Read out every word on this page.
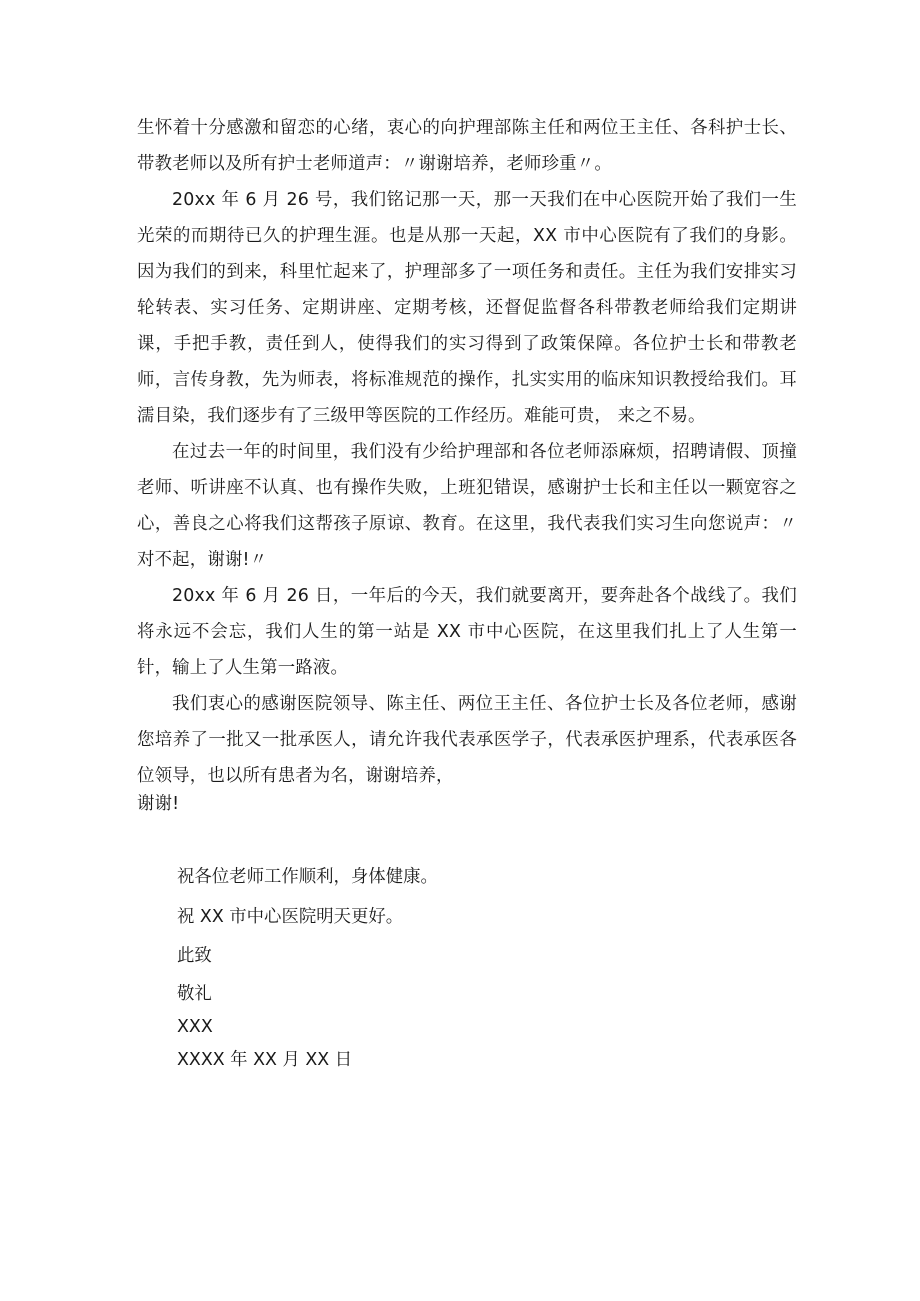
生怀着十分感激和留恋的心绪，衷心的向护理部陈主任和两位王主任、各科护士长、带教老师以及所有护士老师道声：〃谢谢培养，老师珍重〃。

20xx 年 6 月 26 号，我们铭记那一天，那一天我们在中心医院开始了我们一生光荣的而期待已久的护理生涯。也是从那一天起，XX 市中心医院有了我们的身影。因为我们的到来，科里忙起来了，护理部多了一项任务和责任。主任为我们安排实习轮转表、实习任务、定期讲座、定期考核，还督促监督各科带教老师给我们定期讲课，手把手教，责任到人，使得我们的实习得到了政策保障。各位护士长和带教老师，言传身教，先为师表，将标准规范的操作，扎实实用的临床知识教授给我们。耳濡目染，我们逐步有了三级甲等医院的工作经历。难能可贵， 来之不易。

在过去一年的时间里，我们没有少给护理部和各位老师添麻烦，招聘请假、顶撞老师、听讲座不认真、也有操作失败，上班犯错误，感谢护士长和主任以一颗宽容之心，善良之心将我们这帮孩子原谅、教育。在这里，我代表我们实习生向您说声：〃对不起，谢谢!〃

20xx 年 6 月 26 日，一年后的今天，我们就要离开，要奔赴各个战线了。我们将永远不会忘，我们人生的第一站是 XX 市中心医院，在这里我们扎上了人生第一针，输上了人生第一路液。

我们衷心的感谢医院领导、陈主任、两位王主任、各位护士长及各位老师，感谢您培养了一批又一批承医人，请允许我代表承医学子，代表承医护理系，代表承医各位领导，也以所有患者为名，谢谢培养，

谢谢!

祝各位老师工作顺利，身体健康。
祝 XX 市中心医院明天更好。
此致
敬礼
XXX
XXXX 年 XX 月 XX 日
